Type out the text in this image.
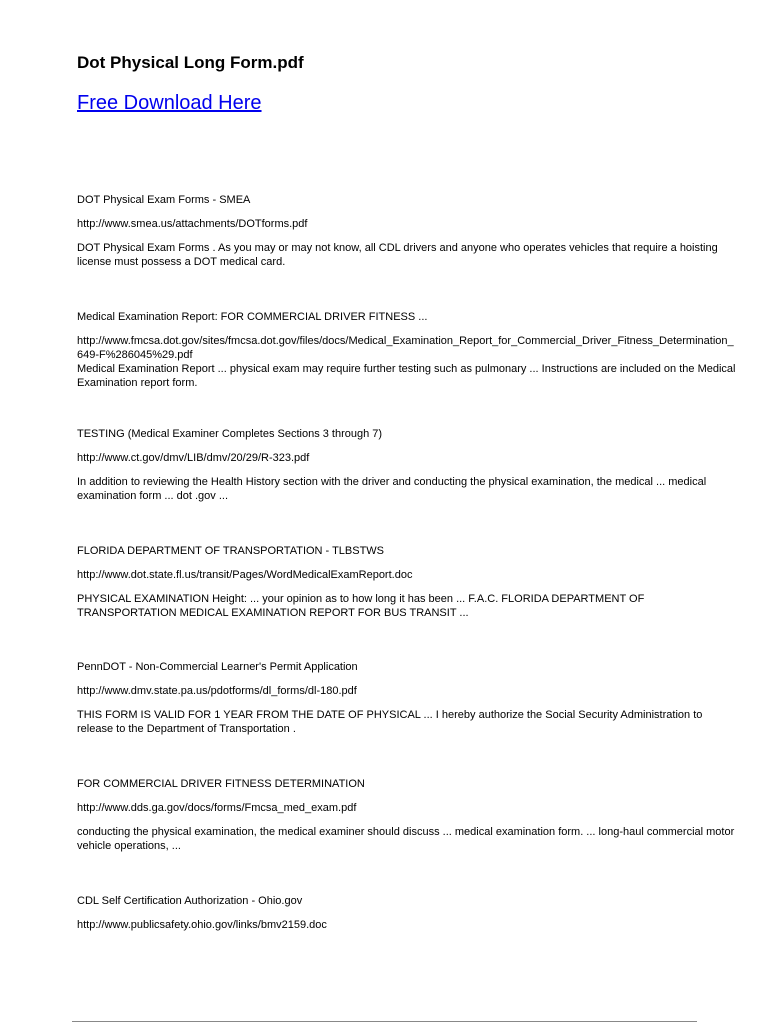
Dot Physical Long Form.pdf
Free Download Here

DOT Physical Exam Forms - SMEA

http://www.smea.us/attachments/DOTforms.pdf

DOT Physical Exam Forms . As you may or may not know, all CDL drivers and anyone who operates vehicles that require a hoisting license must possess a DOT medical card.

Medical Examination Report: FOR COMMERCIAL DRIVER FITNESS ...

http://www.fmcsa.dot.gov/sites/fmcsa.dot.gov/files/docs/Medical_Examination_Report_for_Commercial_Driver_Fitness_Determination_649-F%286045%29.pdf

Medical Examination Report ... physical exam may require further testing such as pulmonary ... Instructions are included on the Medical Examination report form.

TESTING (Medical Examiner Completes Sections 3 through 7)

http://www.ct.gov/dmv/LIB/dmv/20/29/R-323.pdf

In addition to reviewing the Health History section with the driver and conducting the physical examination, the medical ... medical examination form ... dot .gov ...

FLORIDA DEPARTMENT OF TRANSPORTATION - TLBSTWS

http://www.dot.state.fl.us/transit/Pages/WordMedicalExamReport.doc

PHYSICAL EXAMINATION Height: ... your opinion as to how long it has been ... F.A.C. FLORIDA DEPARTMENT OF TRANSPORTATION MEDICAL EXAMINATION REPORT FOR BUS TRANSIT ...

PennDOT - Non-Commercial Learner's Permit Application

http://www.dmv.state.pa.us/pdotforms/dl_forms/dl-180.pdf

THIS FORM IS VALID FOR 1 YEAR FROM THE DATE OF PHYSICAL ... I hereby authorize the Social Security Administration to release to the Department of Transportation .

FOR COMMERCIAL DRIVER FITNESS DETERMINATION

http://www.dds.ga.gov/docs/forms/Fmcsa_med_exam.pdf

conducting the physical examination, the medical examiner should discuss ... medical examination form. ... long-haul commercial motor vehicle operations, ...

CDL Self Certification Authorization - Ohio.gov

http://www.publicsafety.ohio.gov/links/bmv2159.doc
